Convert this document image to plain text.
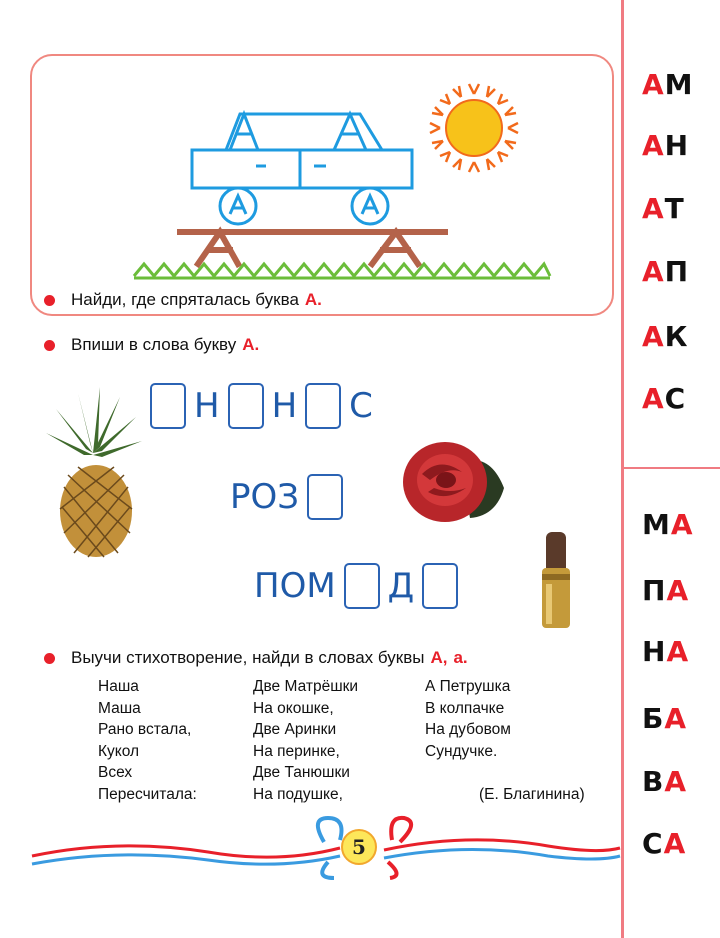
Найди, где спряталась буква А.
Впиши в слова букву А.
Н Н С
РОЗ
ПОМ Д
Выучи стихотворение, найди в словах буквы А, а.
Наша
Маша
Рано встала,
Кукол
Всех
Пересчитала:
Две Матрёшки
На окошке,
Две Аринки
На перинке,
Две Танюшки
На подушке,
А Петрушка
В колпачке
На дубовом
Сундучке.
(Е. Благинина)
5
АМ
АН
АТ
АП
АК
АС
МА
ПА
НА
БА
ВА
СА
